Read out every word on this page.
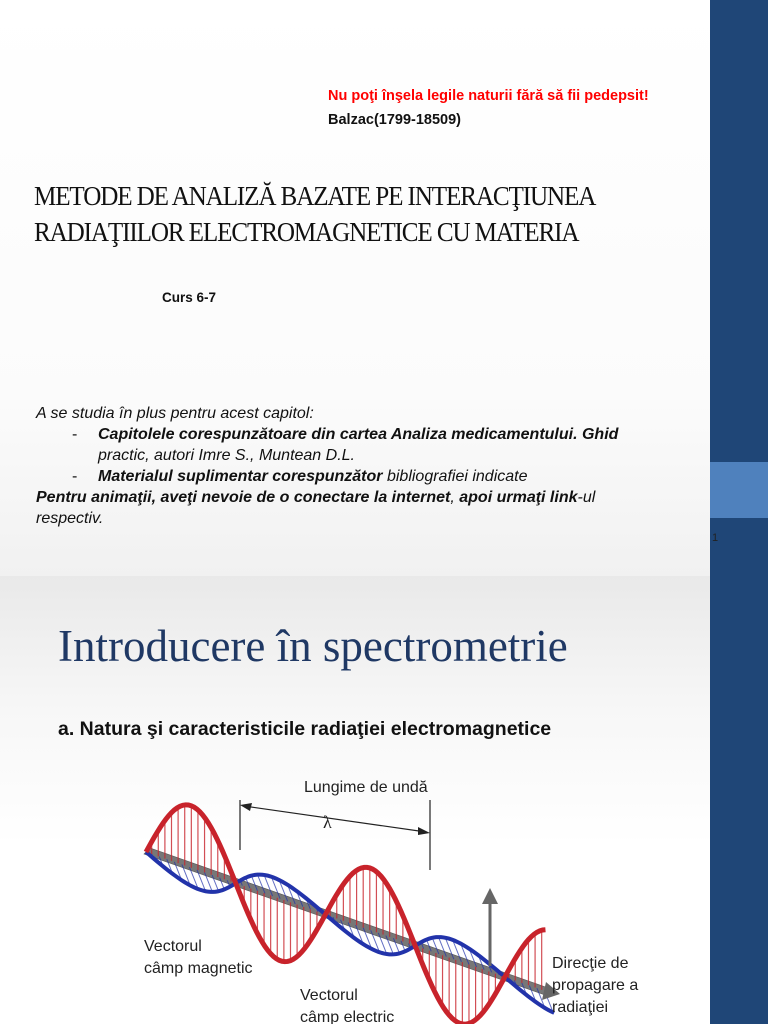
Nu poţi înşela legile naturii fără să fii pedepsit!
Balzac(1799-18509)
METODE DE ANALIZĂ BAZATE PE INTERACŢIUNEA
RADIAŢIILOR ELECTROMAGNETICE CU MATERIA
Curs 6-7
A se studia în plus pentru acest capitol:
- Capitolele corespunzătoare din cartea Analiza medicamentului. Ghid
practic, autori Imre S., Muntean D.L.
- Materialul suplimentar corespunzător bibliografiei indicate
Pentru animaţii, aveţi nevoie de o conectare la internet, apoi urmaţi link-ul
respectiv.
1
Introducere în spectrometrie
a. Natura şi caracteristicile radiaţiei electromagnetice
Lungime de undă
λ
Vectorul
câmp magnetic
Vectorul
câmp electric
Direcţie de
propagare a
radiaţiei
